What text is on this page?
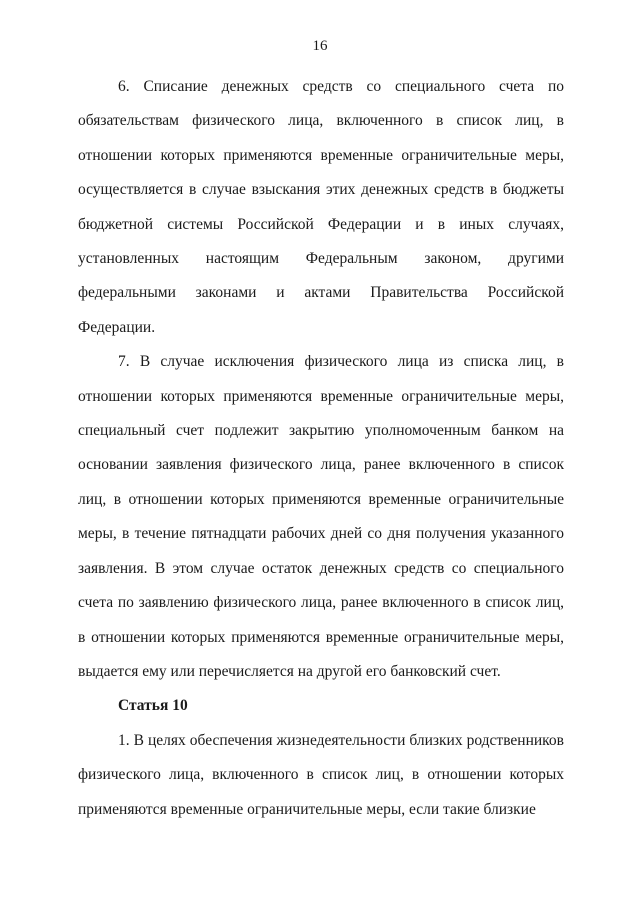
16

6. Списание денежных средств со специального счета по обязательствам физического лица, включенного в список лиц, в отношении которых применяются временные ограничительные меры, осуществляется в случае взыскания этих денежных средств в бюджеты бюджетной системы Российской Федерации и в иных случаях, установленных настоящим Федеральным законом, другими федеральными законами и актами Правительства Российской Федерации.

7. В случае исключения физического лица из списка лиц, в отношении которых применяются временные ограничительные меры, специальный счет подлежит закрытию уполномоченным банком на основании заявления физического лица, ранее включенного в список лиц, в отношении которых применяются временные ограничительные меры, в течение пятнадцати рабочих дней со дня получения указанного заявления. В этом случае остаток денежных средств со специального счета по заявлению физического лица, ранее включенного в список лиц, в отношении которых применяются временные ограничительные меры, выдается ему или перечисляется на другой его банковский счет.

Статья 10

1. В целях обеспечения жизнедеятельности близких родственников физического лица, включенного в список лиц, в отношении которых применяются временные ограничительные меры, если такие близкие
